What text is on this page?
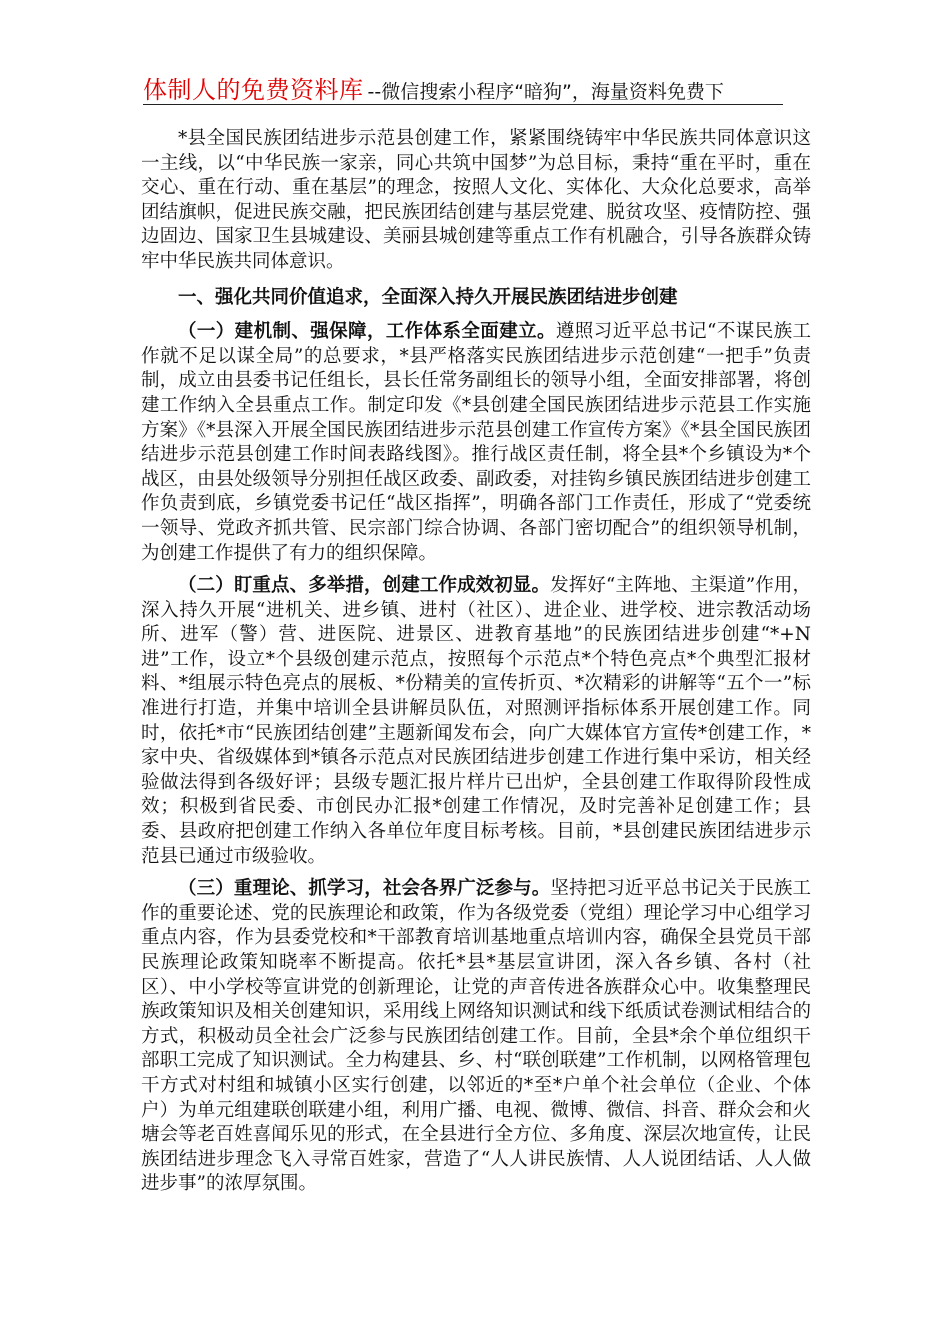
体制人的免费资料库 --微信搜索小程序“暗狗”，海量资料免费下

*县全国民族团结进步示范县创建工作，紧紧围绕铸牢中华民族共同体意识这一主线，以“中华民族一家亲，同心共筑中国梦”为总目标，秉持“重在平时，重在交心、重在行动、重在基层”的理念，按照人文化、实体化、大众化总要求，高举团结旗帜，促进民族交融，把民族团结创建与基层党建、脱贫攻坚、疫情防控、强边固边、国家卫生县城建设、美丽县城创建等重点工作有机融合，引导各族群众铸牢中华民族共同体意识。

一、强化共同价值追求，全面深入持久开展民族团结进步创建

（一）建机制、强保障，工作体系全面建立。遵照习近平总书记“不谋民族工作就不足以谋全局”的总要求，*县严格落实民族团结进步示范创建“一把手”负责制，成立由县委书记任组长，县长任常务副组长的领导小组，全面安排部署，将创建工作纳入全县重点工作。制定印发《*县创建全国民族团结进步示范县工作实施方案》《*县深入开展全国民族团结进步示范县创建工作宣传方案》《*县全国民族团结进步示范县创建工作时间表路线图》。推行战区责任制，将全县*个乡镇设为*个战区，由县处级领导分别担任战区政委、副政委，对挂钩乡镇民族团结进步创建工作负责到底，乡镇党委书记任“战区指挥”，明确各部门工作责任，形成了“党委统一领导、党政齐抓共管、民宗部门综合协调、各部门密切配合”的组织领导机制，为创建工作提供了有力的组织保障。

（二）盯重点、多举措，创建工作成效初显。发挥好“主阵地、主渠道”作用，深入持久开展“进机关、进乡镇、进村（社区）、进企业、进学校、进宗教活动场所、进军（警）营、进医院、进景区、进教育基地”的民族团结进步创建“*+N进”工作，设立*个县级创建示范点，按照每个示范点*个特色亮点*个典型汇报材料、*组展示特色亮点的展板、*份精美的宣传折页、*次精彩的讲解等“五个一”标准进行打造，并集中培训全县讲解员队伍，对照测评指标体系开展创建工作。同时，依托*市“民族团结创建”主题新闻发布会，向广大媒体官方宣传*创建工作，*家中央、省级媒体到*镇各示范点对民族团结进步创建工作进行集中采访，相关经验做法得到各级好评；县级专题汇报片样片已出炉，全县创建工作取得阶段性成效；积极到省民委、市创民办汇报*创建工作情况，及时完善补足创建工作；县委、县政府把创建工作纳入各单位年度目标考核。目前，*县创建民族团结进步示范县已通过市级验收。

（三）重理论、抓学习，社会各界广泛参与。坚持把习近平总书记关于民族工作的重要论述、党的民族理论和政策，作为各级党委（党组）理论学习中心组学习重点内容，作为县委党校和*干部教育培训基地重点培训内容，确保全县党员干部民族理论政策知晓率不断提高。依托*县*基层宣讲团，深入各乡镇、各村（社区）、中小学校等宣讲党的创新理论，让党的声音传进各族群众心中。收集整理民族政策知识及相关创建知识，采用线上网络知识测试和线下纸质试卷测试相结合的方式，积极动员全社会广泛参与民族团结创建工作。目前，全县*余个单位组织干部职工完成了知识测试。全力构建县、乡、村“联创联建”工作机制，以网格管理包干方式对村组和城镇小区实行创建，以邻近的*至*户单个社会单位（企业、个体户）为单元组建联创联建小组，利用广播、电视、微博、微信、抖音、群众会和火塘会等老百姓喜闻乐见的形式，在全县进行全方位、多角度、深层次地宣传，让民族团结进步理念飞入寻常百姓家，营造了“人人讲民族情、人人说团结话、人人做进步事”的浓厚氛围。
